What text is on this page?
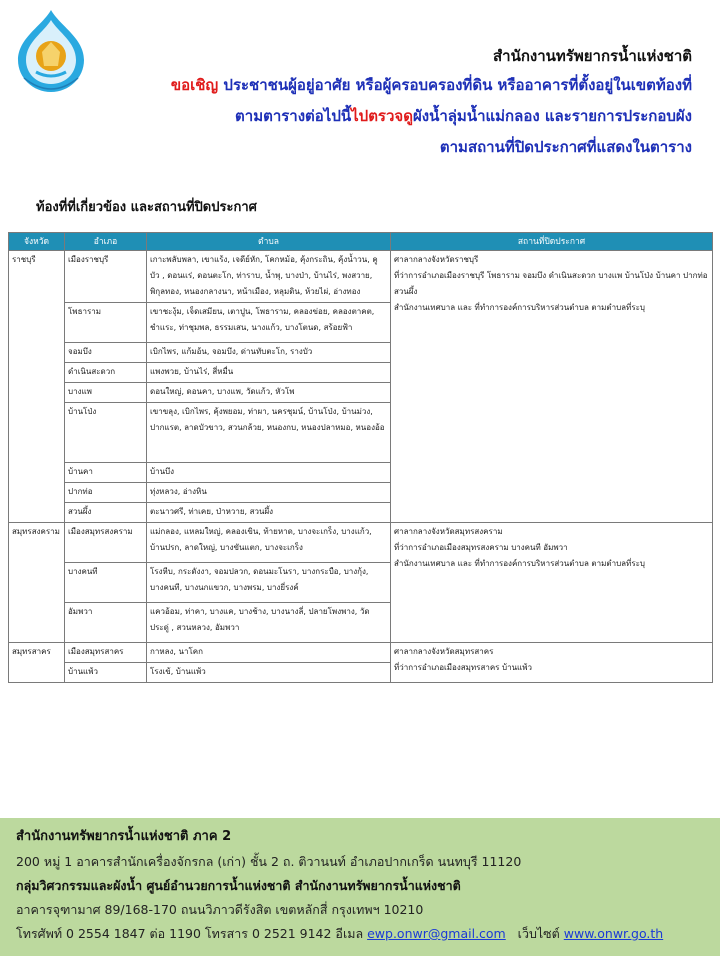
สำนักงานทรัพยากรน้ำแห่งชาติ
ขอเชิญ ประชาชนผู้อยู่อาศัย หรือผู้ครอบครองที่ดิน หรืออาคารที่ตั้งอยู่ในเขตท้องที่
ตามตารางต่อไปนี้ไปตรวจดูผังน้ำลุ่มน้ำแม่กลอง และรายการประกอบผัง
ตามสถานที่ปิดประกาศที่แสดงในตาราง
ท้องที่ที่เกี่ยวข้อง และสถานที่ปิดประกาศ
จังหวัด	อำเภอ	ตำบล	สถานที่ปิดประกาศ
ราชบุรี	เมืองราชบุรี	เกาะพลับพลา, เขาแร้ง, เจดีย์หัก, โคกหม้อ, คุ้งกระถิน, คุ้งน้ำวน, คูบัว , ดอนแร่, ดอนตะโก, ท่าราบ, น้ำพุ, บางป่า, บ้านไร่, พงสวาย, พิกุลทอง, หนองกลางนา, หน้าเมือง, หลุมดิน, ห้วยไผ่, อ่างทอง	ศาลากลางจังหวัดราชบุรี
ที่ว่าการอำเภอเมืองราชบุรี โพธาราม จอมบึง ดำเนินสะดวก บางแพ บ้านโป่ง บ้านคา ปากท่อ สวนผึ้ง
สำนักงานเทศบาล และ ที่ทำการองค์การบริหารส่วนตำบล ตามตำบลที่ระบุ

	โพธาราม	เขาชะงุ้ม, เจ็ดเสมียน, เตาปูน, โพธาราม, คลองข่อย, คลองตาคต, ชำแระ, ท่าชุมพล, ธรรมเสน, นางแก้ว, บางโตนด, สร้อยฟ้า	
	จอมบึง	เบิกไพร, แก้มอ้น, จอมบึง, ด่านทับตะโก, รางบัว	
	ดำเนินสะดวก	แพงพวย, บ้านไร่, สี่หมื่น	
	บางแพ	ดอนใหญ่, ดอนคา, บางแพ, วัดแก้ว, หัวโพ	
	บ้านโป่ง	เขาขลุง, เบิกไพร, คุ้งพยอม, ท่าผา, นครชุมน์, บ้านโป่ง, บ้านม่วง, ปากแรต, ลาดบัวขาว, สวนกล้วย, หนองกบ, หนองปลาหมอ, หนองอ้อ	
	บ้านคา	บ้านบึง	
	ปากท่อ	ทุ่งหลวง, อ่างหิน	
	สวนผึ้ง	ตะนาวศรี, ท่าเคย, ป่าหวาย, สวนผึ้ง	
สมุทรสงคราม	เมืองสมุทรสงคราม	แม่กลอง, แหลมใหญ่, คลองเขิน, ท้ายหาด, บางจะเกร็ง, บางแก้ว, บ้านปรก, ลาดใหญ่, บางขันแตก, บางจะเกร็ง	ศาลากลางจังหวัดสมุทรสงคราม
ที่ว่าการอำเภอเมืองสมุทรสงคราม บางคนที อัมพวา
สำนักงานเทศบาล และ ที่ทำการองค์การบริหารส่วนตำบล ตามตำบลที่ระบุ

	บางคนที	โรงหีบ, กระดังงา, จอมปลวก, ดอนมะโนรา, บางกระบือ, บางกุ้ง, บางคนที, บางนกแขวก, บางพรม, บางยี่รงค์	
	อัมพวา	แควอ้อม, ท่าคา, บางแค, บางช้าง, บางนางลี่, ปลายโพงพาง, วัดประดู่ , สวนหลวง, อัมพวา	
สมุทรสาคร	เมืองสมุทรสาคร	กาหลง, นาโคก	ศาลากลางจังหวัดสมุทรสาคร
ที่ว่าการอำเภอเมืองสมุทรสาคร บ้านแพ้ว

	บ้านแพ้ว	โรงเข้, บ้านแพ้ว	
สำนักงานทรัพยากรน้ำแห่งชาติ ภาค 2
200 หมู่ 1 อาคารสำนักเครื่องจักรกล (เก่า) ชั้น 2 ถ. ติวานนท์ อำเภอปากเกร็ด นนทบุรี 11120
กลุ่มวิศวกรรมและผังน้ำ ศูนย์อำนวยการน้ำแห่งชาติ สำนักงานทรัพยากรน้ำแห่งชาติ
อาคารจุฑามาศ 89/168-170 ถนนวิภาวดีรังสิต เขตหลักสี่ กรุงเทพฯ 10210
โทรศัพท์ 0 2554 1847 ต่อ 1190 โทรสาร 0 2521 9142 อีเมล ewp.onwr@gmail.com   เว็บไซต์ www.onwr.go.th
